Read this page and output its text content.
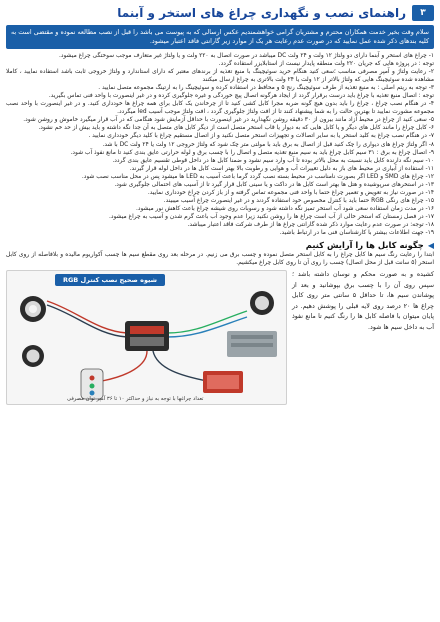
۳
راهنمای نصب و نگهداری چراغ های استخر و آبنما
سلام وقت بخیر خدمت همکاران محترم و مشتریان گرامی خواهشمندیم عکس ارسالی که به پیوست می باشد را قبل از نصب مطالعه نموده و مقتضی است به کلیه بندهای ذکر شده عمل نمایید که در صورت عدم رعایت هر یک از موارد زیر گارانتی فاقد اعتبار میشود.

۱- چراغ های استخر و آبنما دارای دو ولتاژ ۱۲ ولت و ۲۴ ولت DC میباشد در صورت اتصال به ۲۲۰ ولت و یا ولتاژ غیر متعارف موجب سوختگی چراغ میشود.

توجه : در پروژه هایی که جریان ۲۲۰ ولت منطقه پایدار نیست از استابلایزر استفاده گردد.

۲- رعایت ولتاژ و آمپر مصرفی مناسب ؛سعی کنید هنگام خرید سوئیچینگ با منبع تغذیه از برندهای معتبر که دارای استاندارد و ولتاژ خروجی ثابت باشد استفاده نمایید ، کاملا مشاهده شده سوئیچینگ هایی که ولتاژ بالاتر از ۱۲ ولت یا ۲۴ ولت بالاتری به چراغ ارسال میکنند

۳- توجه به ریتم اصلی : به منبع تغذیه از طرف سوئیچینگ رنج ۵ و محافظ در استفاده کرده و سوئیچینگ را به ارتینگ مجموعه متصل نمایید .

توجه : اتصال منبع تغذیه با چراغ باید درست برقرار گردد از ایجاد هرگونه اتصال پیچ خوردگی و غیره جلوگیری کرده و در غیر اینصورت با واحد فنی تماس بگیرید.

۴- در هنگام نصب چراغ ، چراغ را باید بدون هیچ گونه ضربه مجرا کابل کشی کنید تا از چرخاندن یک کابل برای همه چراغ ها خودداری کنید. و در غیر اینصورت با واحد نصب مجموعه مشورت نمایید تا بهترین حالت را به شما پیشنهاد کنند تا از افت ولتاژ جلوگیری گردد ، افت ولتاژ موجب آسیب led میگردد.

۵- سعی کنید از چراغ در محیط آزاد مانند بیرون از ۳۰ دقیقه روشن نگهدارید در غیر اینصورت با حداقل آزمایش شود هنگامی که در آب قرار میگیرد خاموش و روشن شود.

۶- کابل چراغ را مانند کابل های دیگر و یا کابل هایی که به دیوار یا قاب استخر متصل است از دیگر کابل های متصل به آن جدا نگه داشته و باید بیش از حد خم نشود.

۷- در هنگام نصب چراغ به کلید استخر یا به سایر اتصالات و تجهیزات استخر متصل نکنید و از اتصال مستقیم چراغ با کلید دیگر خودداری نمایید .

۸- اگر ولتاژ چراغ های دیواری را چک کنید قبل از اتصال به برق باید با مولتی متر چک شود که ولتاژ خروجی ۱۲ ولت یا ۲۴ ولت DC با شد.

۹- اتصال چراغ به برق : ۳۱ سیم کابل چراغ باید به سیم منبع تغذیه متصل و اتصال را با چسب برق و لوله حرارتی عایق بندی کنید تا مانع نفوذ آب شود.

۱۰- سیم نگه دارنده کابل باید نسبت به محل بالاتر بوده تا آب وارد سیم نشود و ضمنا کابل ها در داخل قوطی تقسیم عایق بندی گردد.

۱۱- استفاده از آبیاری در محیط های باز به دلیل تغییرات آب و هوایی و رطوبت بالا بهتر است کابل ها در داخل لوله قرار گیرند.

۱۲- چراغ های SMD و LED اگر بصورت نامناسب در محیط بسته نصب گردد گرما باعث آسیب به LED ها میشود پس در محل مناسب نصب شود.

۱۳- در استخرهای سرپوشیده و هتل ها بهتر است کابل ها در داکت و یا سینی کابل قرار گیرد تا از آسیب های احتمالی جلوگیری شود.

۱۴- در صورت نیاز به تعویض و تعمیر چراغ حتما با واحد فنی مجموعه تماس گرفته و از باز کردن چراغ خودداری نمایید.

۱۵- چراغ های رنگی RGB حتما باید با کنترل مخصوص خود استفاده گردند و در غیر اینصورت چراغ آسیب میبیند.

۱۶- در مدت زمان استفاده سعی شود آب استخر تمیز نگه داشته شود و رسوبات روی شیشه چراغ باعث کاهش نور میشود.

۱۷- در فصل زمستان که استخر خالی از آب است چراغ ها را روشن نکنید زیرا عدم وجود آب باعث گرم شدن و آسیب به چراغ میشود.

۱۸- توجه: در صورت عدم رعایت موارد ذکر شده گارانتی چراغ ها از طرف شرکت فاقد اعتبار میباشد.

۱۹- جهت اطلاعات بیشتر با کارشناسان فنی ما در ارتباط باشید.

◀
چگونه کابل ها را آرایش کنیم
ابتدا را رعایت رنگ سیم ها کابل چراغ را به کابل استخر متصل نموده و چسب برق می زنیم. در مرحله بعد روی مقطع سیم ها چسب آکواریوم مالیده و بلافاصله از روی کابل استخر (۵ سانت قبل از محل اتصال) چسب را روی آن تا روی کابل چراغ میکشیم.
کشیده و به صورت محکم و نوسان داشته باشد ؛ سپس روی آن را با چسب برق بپوشانید و بعد از پوشاندن سیم ها، تا حداقل ۵ سانتی متر روی کابل چراغ ها ۲۰ درصد روی لایه قبلی را پوشش دهیم. در پایان میتوان با فاصله کابل ها را رنگ کنیم تا مانع نفوذ آب به داخل سیم ها شود.
شیوه صحیح نصب کنترل RGB
تعداد چراغها با توجه به نیاز و حداکثر ۱۰ تا ۳۶ آمپر توان مصرفی
